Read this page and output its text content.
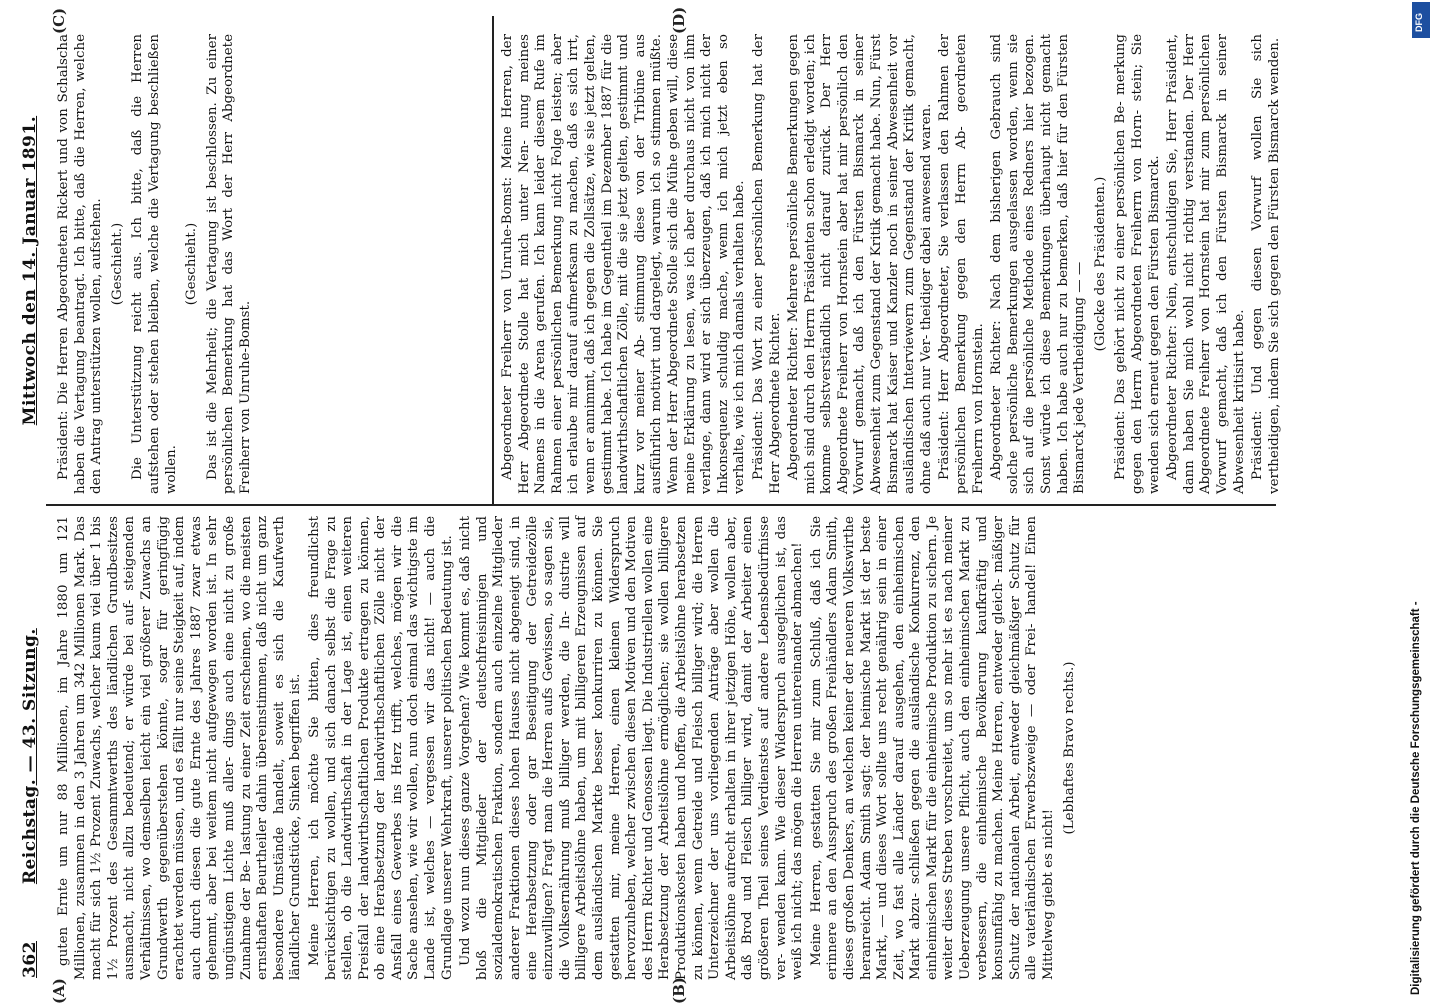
362
Reichstag. — 43. Sitzung.  Mittwoch den 14. Januar 1891.
(A)	(B)
(C)	(D)

guten Ernte um nur 88 Millionen, im Jahre 1880 um 121 Millionen, zusammen in den 3 Jahren um 342 Millionen Mark. Das macht für sich 1½ Prozent Zuwachs, welcher kaum viel über 1 bis 1½ Prozent des Gesammtwerths des ländlichen Grundbesitzes ausmacht, nicht allzu bedeutend; er würde bei auf- steigenden Verhältnissen, wo demselben leicht ein viel größerer Zuwachs an Grundwerth gegenüberstehen könnte, sogar für geringfügig erachtet werden müssen, und es fällt nur seine Steigkeit auf, indem auch durch diesen die gute Ernte des Jahres 1887 zwar etwas gehemmt, aber bei weitem nicht aufgewogen worden ist. In sehr ungünstigem Lichte muß aller- dings auch eine nicht zu große Zunahme der Be- lastung zu einer Zeit erscheinen, wo die meisten ernsthaften Beurtheiler dahin übereinstimmen, daß nicht um ganz besondere Umstände handelt, soweit es sich die Kaufwerth ländlicher Grundstücke, Sinken begriffen ist. Meine Herren, ich möchte Sie bitten, dies freundlichst berücksichtigen zu wollen, und sich danach selbst die Frage zu stellen, ob die Landwirthschaft in der Lage ist, einen weiteren Preisfall der landwirthschaftlichen Produkte ertragen zu können, ob eine Herabsetzung der landwirthschaftlichen Zölle nicht der Ansfall eines Gewerbes ins Herz trifft, welches, mögen wir die Sache ansehen, wie wir wollen, nun doch einmal das wichtigste im Lande ist, welches — vergessen wir das nicht! — auch die Grundlage unserer Wehrkraft, unserer politischen Bedeutung ist. Und wozu nun dieses ganze Vorgehen? Wie kommt es, daß nicht bloß die Mitglieder der deutschfreisinnigen und sozialdemokratischen Fraktion, sondern auch einzelne Mitglieder anderer Fraktionen dieses hohen Hauses nicht abgeneigt sind, in eine Herabsetzung oder gar Beseitigung der Getreidezölle einzuwilligen? Fragt man die Herren aufs Gewissen, so sagen sie, die Volksernährung muß billiger werden, die In- dustrie will billigere Arbeitslöhne haben, um mit billigeren Erzeugnissen auf dem ausländischen Markte besser konkurriren zu können. Sie gestatten mir, meine Herren, einen kleinen Widerspruch hervorzuheben, welcher zwischen diesen Motiven und den Motiven des Herrn Richter und Genossen liegt. Die Industriellen wollen eine Herabsetzung der Arbeitslöhne ermöglichen; sie wollen billigere Produktionskosten haben und hoffen, die Arbeitslöhne herabsetzen zu können, wenn Getreide und Fleisch billiger wird; die Herren Unterzeichner der uns vorliegenden Anträge aber wollen die Arbeitslöhne aufrecht erhalten in ihrer jetzigen Höhe, wollen aber, daß Brod und Fleisch billiger wird, damit der Arbeiter einen größeren Theil seines Verdienstes auf andere Lebensbedürfnisse ver- wenden kann. Wie dieser Widerspruch ausgeglichen ist, das weiß ich nicht; das mögen die Herren untereinander abmachen! Meine Herren, gestatten Sie mir zum Schluß, daß ich Sie erinnere an den Ausspruch des großen Freihändlers Adam Smith, dieses großen Denkers, an welchen keiner der neueren Volkswirthe heranreicht. Adam Smith sagt: der heimische Markt ist der beste Markt, — und dieses Wort sollte uns recht genährig sein in einer Zeit, wo fast alle Länder darauf ausgehen, den einheimischen Markt abzu- schließen gegen die ausländische Konkurrenz, den einheimischen Markt für die einheimische Produktion zu sichern. Je weiter dieses Streben vorschreitet, um so mehr ist es nach meiner Ueberzeugung unsere Pflicht, auch den einheimischen Markt zu verbessern, die einheimische Bevölkerung kaufkräftig und konsumfähig zu machen. Meine Herren, entweder gleich- mäßiger Schutz der nationalen Arbeit, entweder gleichmäßiger Schutz für alle vaterländischen Erwerbszweige — oder Frei- handel! Einen Mittelweg giebt es nicht!

(Lebhaftes Bravo rechts.)

Präsident: Die Herren Abgeordneten Rickert und von Schalscha haben die Vertagung beantragt. Ich bitte, daß die Herren, welche den Antrag unterstützen wollen, aufstehen. (Geschieht.) Die Unterstützung reicht aus. Ich bitte, daß die Herren aufstehen oder stehen bleiben, welche die Vertagung beschließen wollen.

(Geschieht.) Das ist die Mehrheit; die Vertagung ist beschlossen. Zu einer persönlichen Bemerkung hat das Wort der Herr Abgeordnete Freiherr von Unruhe-Bomst.	Abgeordneter Freiherr von Unruhe-Bomst: Meine Herren, der Herr Abgeordnete Stolle hat mich unter Nen- nung meines Namens in die Arena gerufen. Ich kann leider diesem Rufe im Rahmen einer persönlichen Bemerkung nicht Folge leisten; aber ich erlaube mir darauf aufmerksam zu machen, daß es sich irrt, wenn er annimmt, daß ich gegen die Zollsätze, wie sie jetzt gelten, gestimmt habe. Ich habe im Gegentheil im Dezember 1887 für die landwirthschaftlichen Zölle, mit die sie jetzt gelten, gestimmt und kurz vor meiner Ab- stimmung diese von der Tribüne aus ausführlich motivirt und dargelegt, warum ich so stimmen müßte. Wenn der Herr Abgeordnete Stolle sich die Mühe geben will, diese meine Erklärung zu lesen, was ich aber durchaus nicht von ihm verlange, dann wird er sich überzeugen, daß ich mich nicht der Inkonsequenz schuldig mache, wenn ich mich jetzt eben so verhalte, wie ich mich damals verhalten habe. Präsident: Das Wort zu einer persönlichen Bemerkung hat der Herr Abgeordnete Richter. Abgeordneter Richter: Mehrere persönliche Bemerkungen gegen mich sind durch den Herrn Präsidenten schon erledigt worden; ich komme selbstverständlich nicht darauf zurück. Der Herr Abgeordnete Freiherr von Hornstein aber hat mir persönlich den Vorwurf gemacht, daß ich den Fürsten Bismarck in seiner Abwesenheit zum Gegenstand der Kritik gemacht habe. Nun, Fürst Bismarck hat Kaiser und Kanzler noch in seiner Abwesenheit vor ausländischen Interviewern zum Gegenstand der Kritik gemacht, ohne daß auch nur Ver- theidiger dabei anwesend waren. Präsident: Herr Abgeordneter, Sie verlassen den Rahmen der persönlichen Bemerkung gegen den Herrn Ab- geordneten Freiherrn von Hornstein. Abgeordneter Richter: Nach dem bisherigen Gebrauch sind solche persönliche Bemerkungen ausgelassen worden, wenn sie sich auf die persönliche Methode eines Redners hier bezogen. Sonst würde ich diese Bemerkungen überhaupt nicht gemacht haben. Ich habe auch nur zu bemerken, daß hier für den Fürsten Bismarck jede Vertheidigung — — (Glocke des Präsidenten.) Präsident: Das gehört nicht zu einer persönlichen Be- merkung gegen den Herrn Abgeordneten Freiherrn von Horn- stein; Sie wenden sich erneut gegen den Fürsten Bismarck. Abgeordneter Richter: Nein, entschuldigen Sie, Herr Präsident, dann haben Sie mich wohl nicht richtig verstanden. Der Herr Abgeordnete Freiherr von Hornstein hat mir zum persönlichen Vorwurf gemacht, daß ich den Fürsten Bismarck in seiner Abwesenheit kritisirt habe. Präsident: Und gegen diesen Vorwurf wollen Sie sich vertheidigen, indem Sie sich gegen den Fürsten Bismarck wenden.

Digitalisierung gefördert durch die Deutsche Forschungsgemeinschaft -
DFG
